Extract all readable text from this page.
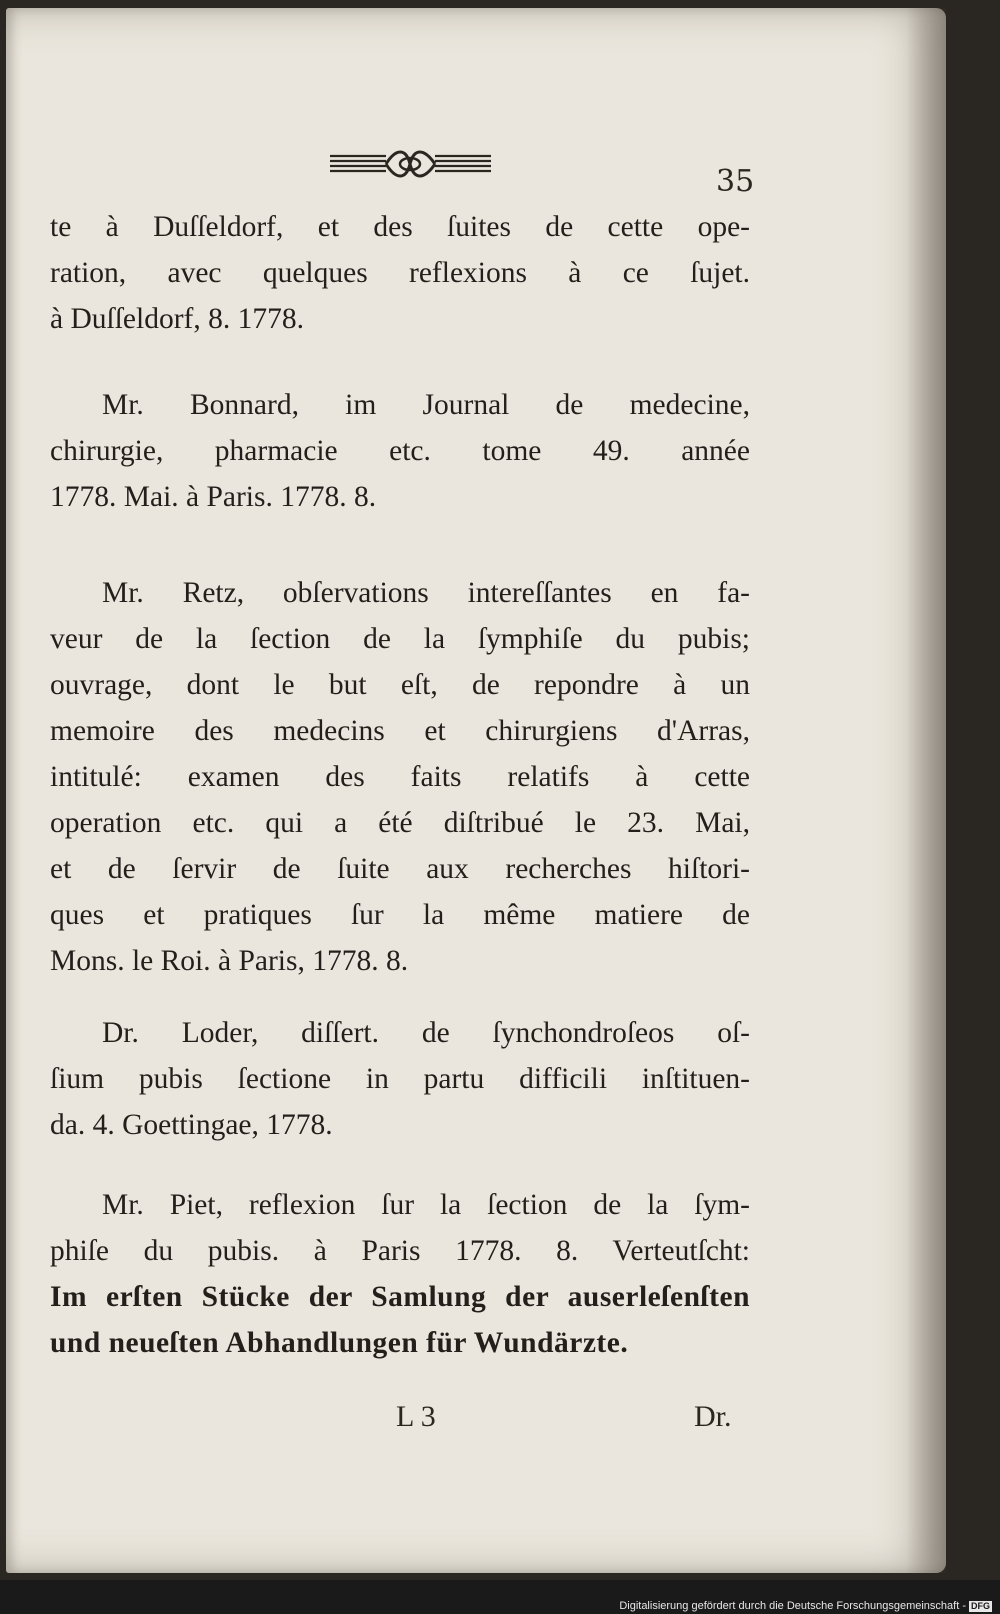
35

te à Duſſeldorf, et des ſuites de cette ope-

ration, avec quelques reflexions à ce ſujet.

à Duſſeldorf, 8. 1778.

Mr. Bonnard, im Journal de medecine,

chirurgie, pharmacie etc. tome 49. année

1778. Mai. à Paris. 1778. 8.

Mr. Retz, obſervations intereſſantes en fa-

veur de la ſection de la ſymphiſe du pubis;

ouvrage, dont le but eſt, de repondre à un

memoire des medecins et chirurgiens d'Arras,

intitulé: examen des faits relatifs à cette

operation etc. qui a été diſtribué le 23. Mai,

et de ſervir de ſuite aux recherches hiſtori-

ques et pratiques ſur la même matiere de

Mons. le Roi. à Paris, 1778. 8.

Dr. Loder, diſſert. de ſynchondroſeos oſ-

ſium pubis ſectione in partu difficili inſtituen-

da. 4. Goettingae, 1778.

Mr. Piet, reflexion ſur la ſection de la ſym-

phiſe du pubis. à Paris 1778. 8. Verteutſcht:

Im erſten Stücke der Samlung der auserleſenſten

und neueſten Abhandlungen für Wundärzte.

L 3	Dr.
Digitalisierung gefördert durch die Deutsche Forschungsgemeinschaft - DFG
